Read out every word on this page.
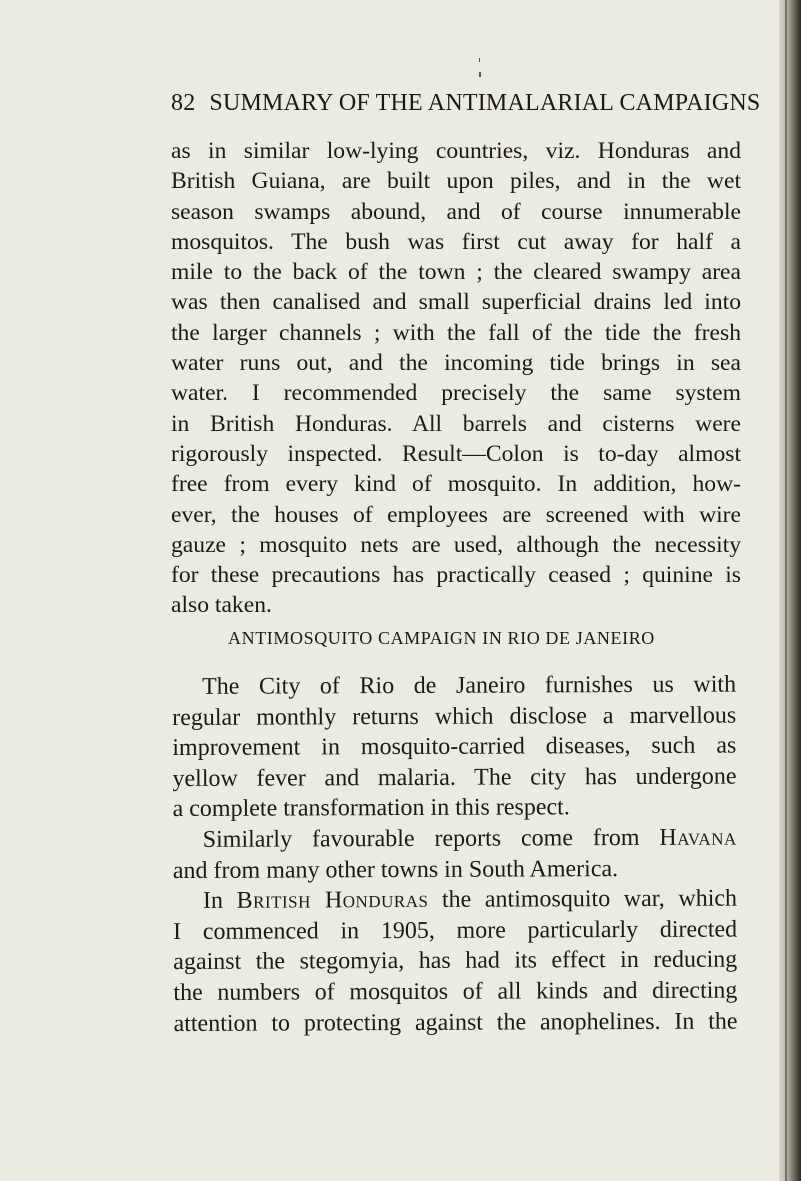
82 SUMMARY OF THE ANTIMALARIAL CAMPAIGNS
as in similar low-lying countries, viz. Honduras and
British Guiana, are built upon piles, and in the wet
season swamps abound, and of course innumerable
mosquitos. The bush was first cut away for half a
mile to the back of the town ; the cleared swampy area
was then canalised and small superficial drains led into
the larger channels ; with the fall of the tide the fresh
water runs out, and the incoming tide brings in sea
water. I recommended precisely the same system
in British Honduras. All barrels and cisterns were
rigorously inspected. Result—Colon is to-day almost
free from every kind of mosquito. In addition, how-
ever, the houses of employees are screened with wire
gauze ; mosquito nets are used, although the necessity
for these precautions has practically ceased ; quinine is
also taken.
ANTIMOSQUITO CAMPAIGN IN RIO DE JANEIRO
The City of Rio de Janeiro furnishes us with
regular monthly returns which disclose a marvellous
improvement in mosquito-carried diseases, such as
yellow fever and malaria. The city has undergone
a complete transformation in this respect.
Similarly favourable reports come from Havana
and from many other towns in South America.
In British Honduras the antimosquito war, which
I commenced in 1905, more particularly directed
against the stegomyia, has had its effect in reducing
the numbers of mosquitos of all kinds and directing
attention to protecting against the anophelines. In the
